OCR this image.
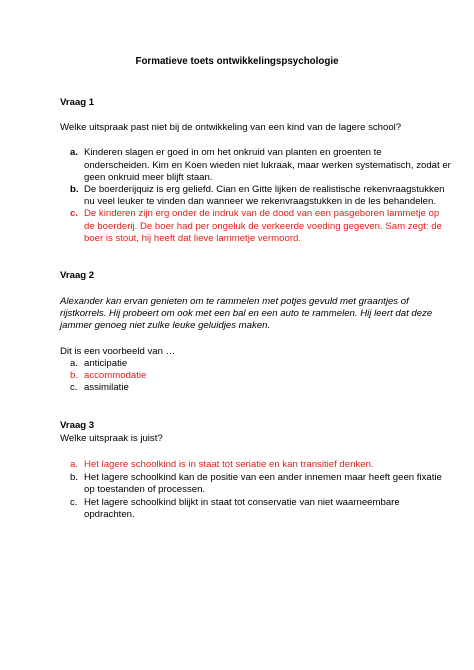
Formatieve toets ontwikkelingspsychologie
Vraag 1
Welke uitspraak past niet bij de ontwikkeling van een kind van de lagere school?
a. Kinderen slagen er goed in om het onkruid van planten en groenten te
onderscheiden. Kim en Koen wieden niet lukraak, maar werken systematisch, zodat er
geen onkruid meer blijft staan.
b. De boerderijquiz is erg geliefd. Cian en Gitte lijken de realistische rekenvraagstukken
nu veel leuker te vinden dan wanneer we rekenvraagstukken in de les behandelen.
c. De kinderen zijn erg onder de indruk van de dood van een pasgeboren lammetje op
de boerderij. De boer had per ongeluk de verkeerde voeding gegeven. Sam zegt: de
boer is stout, hij heeft dat lieve lammetje vermoord.
Vraag 2
Alexander kan ervan genieten om te rammelen met potjes gevuld met graantjes of
rijstkorrels. Hij probeert om ook met een bal en een auto te rammelen. Hij leert dat deze
jammer genoeg niet zulke leuke geluidjes maken.
Dit is een voorbeeld van …
a. anticipatie
b. accommodatie
c. assimilatie
Vraag 3
Welke uitspraak is juist?
a. Het lagere schoolkind is in staat tot seriatie en kan transitief denken.
b. Het lagere schoolkind kan de positie van een ander innemen maar heeft geen fixatie
op toestanden of processen.
c. Het lagere schoolkind blijkt in staat tot conservatie van niet waarneembare
opdrachten.
